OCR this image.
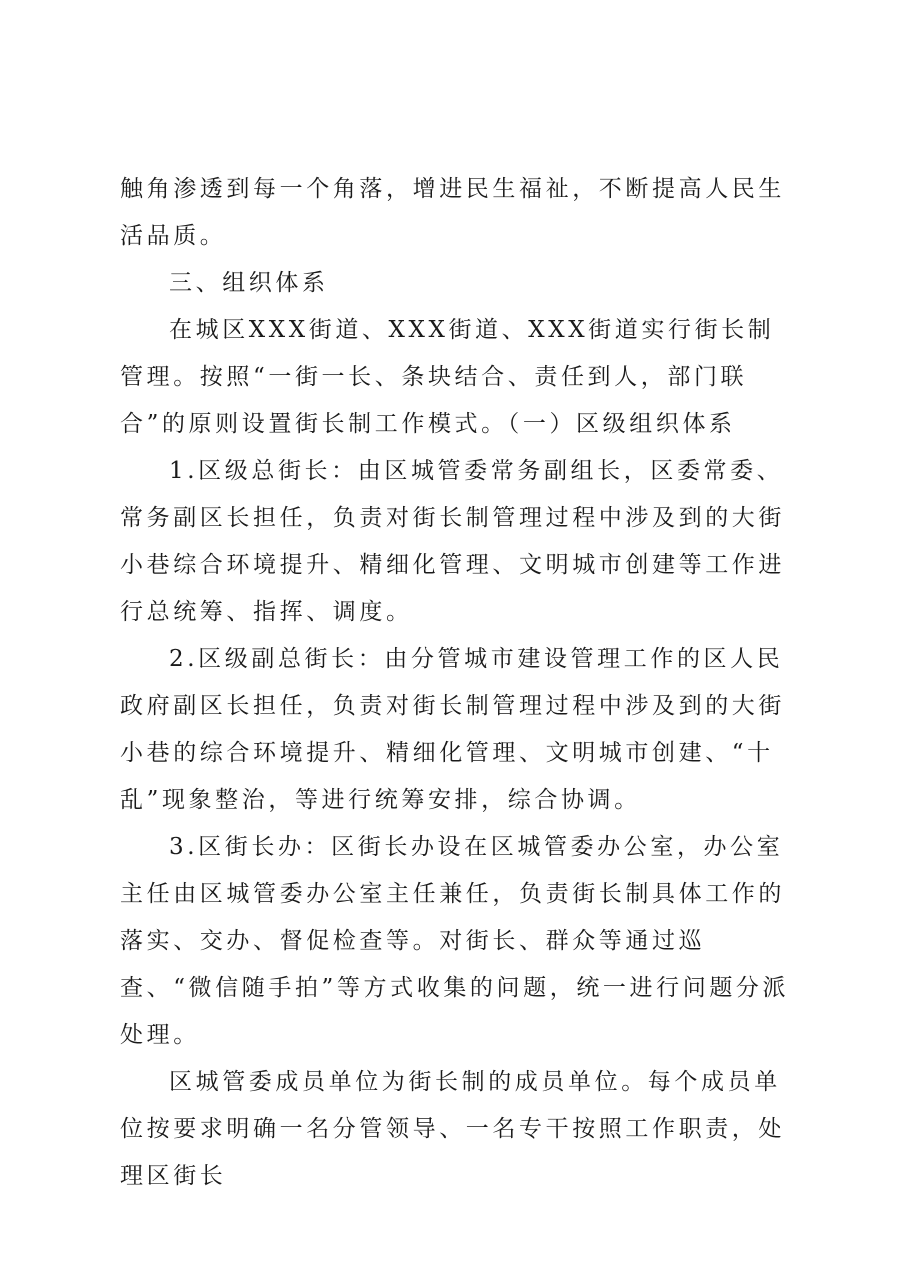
触角渗透到每一个角落，增进民生福祉，不断提高人民生活品质。

三、组织体系

在城区XXX街道、XXX街道、XXX街道实行街长制管理。按照“一街一长、条块结合、责任到人，部门联合”的原则设置街长制工作模式。（一）区级组织体系

1.区级总街长：由区城管委常务副组长，区委常委、常务副区长担任，负责对街长制管理过程中涉及到的大街小巷综合环境提升、精细化管理、文明城市创建等工作进行总统筹、指挥、调度。

2.区级副总街长：由分管城市建设管理工作的区人民政府副区长担任，负责对街长制管理过程中涉及到的大街小巷的综合环境提升、精细化管理、文明城市创建、“十乱”现象整治，等进行统筹安排，综合协调。

3.区街长办：区街长办设在区城管委办公室，办公室主任由区城管委办公室主任兼任，负责街长制具体工作的落实、交办、督促检查等。对街长、群众等通过巡查、“微信随手拍”等方式收集的问题，统一进行问题分派处理。

区城管委成员单位为街长制的成员单位。每个成员单位按要求明确一名分管领导、一名专干按照工作职责，处理区街长
